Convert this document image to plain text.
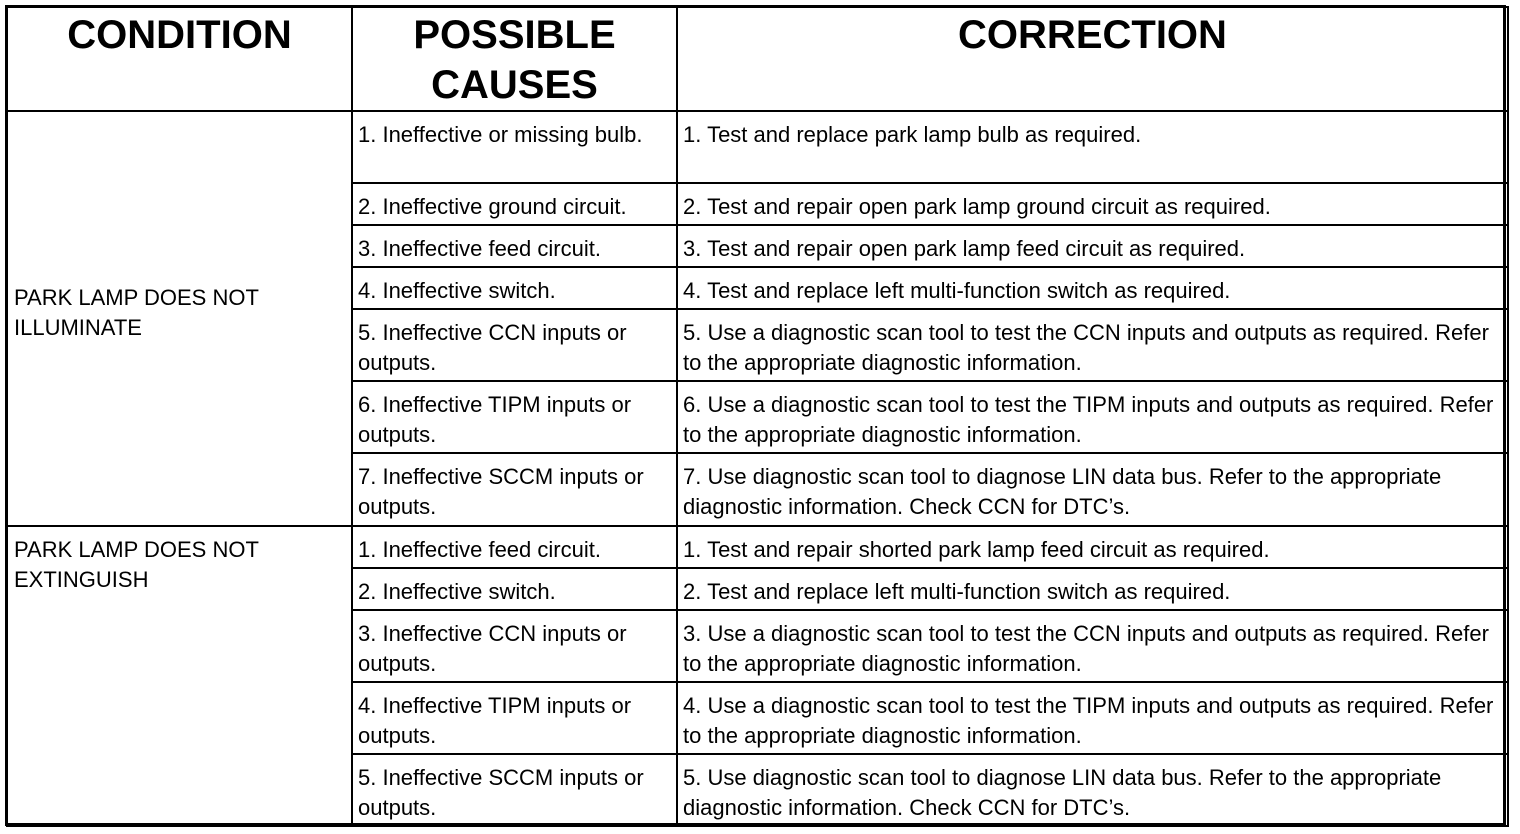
CONDITION	POSSIBLE CAUSES	CORRECTION
PARK LAMP DOES NOT ILLUMINATE	1. Ineffective or missing bulb.	1. Test and replace park lamp bulb as required.
	2. Ineffective ground circuit.	2. Test and repair open park lamp ground circuit as required.
	3. Ineffective feed circuit.	3. Test and repair open park lamp feed circuit as required.
	4. Ineffective switch.	4. Test and replace left multi-function switch as required.
	5. Ineffective CCN inputs or outputs.	5. Use a diagnostic scan tool to test the CCN inputs and outputs as required. Refer to the appropriate diagnostic information.
	6. Ineffective TIPM inputs or outputs.	6. Use a diagnostic scan tool to test the TIPM inputs and outputs as required. Refer to the appropriate diagnostic information.
	7. Ineffective SCCM inputs or outputs.	7. Use diagnostic scan tool to diagnose LIN data bus. Refer to the appropriate diagnostic information. Check CCN for DTC’s.
PARK LAMP DOES NOT EXTINGUISH	1. Ineffective feed circuit.	1. Test and repair shorted park lamp feed circuit as required.
	2. Ineffective switch.	2. Test and replace left multi-function switch as required.
	3. Ineffective CCN inputs or outputs.	3. Use a diagnostic scan tool to test the CCN inputs and outputs as required. Refer to the appropriate diagnostic information.
	4. Ineffective TIPM inputs or outputs.	4. Use a diagnostic scan tool to test the TIPM inputs and outputs as required. Refer to the appropriate diagnostic information.
	5. Ineffective SCCM inputs or outputs.	5. Use diagnostic scan tool to diagnose LIN data bus. Refer to the appropriate diagnostic information. Check CCN for DTC’s.
